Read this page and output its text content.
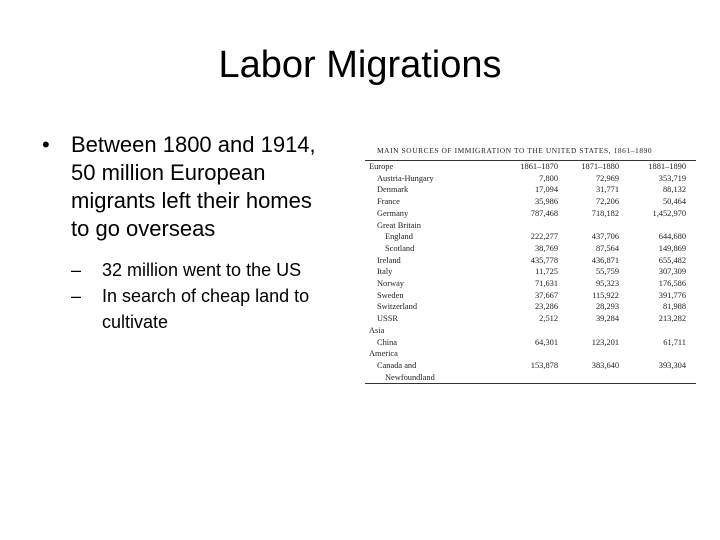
Labor Migrations
• Between 1800 and 1914, 50 million European migrants left their homes to go overseas
–	32 million went to the US
–	In search of cheap land to cultivate
MAIN SOURCES OF IMMIGRATION TO THE UNITED STATES, 1861–1890
Europe	1861–1870	1871–1880	1881–1890
Austria-Hungary	7,800	72,969	353,719
Denmark	17,094	31,771	88,132
France	35,986	72,206	50,464
Germany	787,468	718,182	1,452,970
Great Britain			
England	222,277	437,706	644,680
Scotland	38,769	87,564	149,869
Ireland	435,778	436,871	655,482
Italy	11,725	55,759	307,309
Norway	71,631	95,323	176,586
Sweden	37,667	115,922	391,776
Switzerland	23,286	28,293	81,988
USSR	2,512	39,284	213,282
Asia			
China	64,301	123,201	61,711
America			
Canada and	153,878	383,640	393,304
Newfoundland			
